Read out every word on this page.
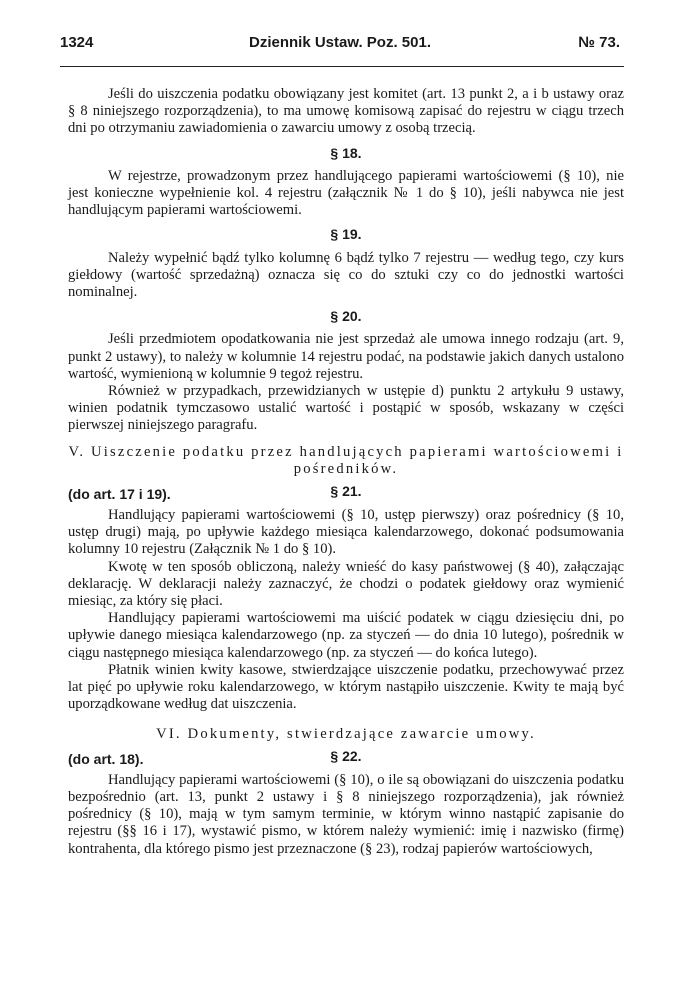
1324	Dziennik Ustaw. Poz. 501.	№ 73.

Jeśli do uiszczenia podatku obowiązany jest komitet (art. 13 punkt 2, a i b ustawy oraz § 8 niniejszego rozporządzenia), to ma umowę komisową zapisać do rejestru w ciągu trzech dni po otrzymaniu zawiadomienia o zawarciu umowy z osobą trzecią.

§ 18.

W rejestrze, prowadzonym przez handlującego papierami wartościowemi (§ 10), nie jest konieczne wypełnienie kol. 4 rejestru (załącznik № 1 do § 10), jeśli nabywca nie jest handlującym papierami wartościowemi.

§ 19.

Należy wypełnić bądź tylko kolumnę 6 bądź tylko 7 rejestru — według tego, czy kurs giełdowy (wartość sprzedażną) oznacza się co do sztuki czy co do jednostki wartości nominalnej.

§ 20.

Jeśli przedmiotem opodatkowania nie jest sprzedaż ale umowa innego rodzaju (art. 9, punkt 2 ustawy), to należy w kolumnie 14 rejestru podać, na podstawie jakich danych ustalono wartość, wymienioną w kolumnie 9 tegoż rejestru.

Również w przypadkach, przewidzianych w ustępie d) punktu 2 artykułu 9 ustawy, winien podatnik tymczasowo ustalić wartość i postąpić w sposób, wskazany w części pierwszej niniejszego paragrafu.

V. Uiszczenie podatku przez handlujących papierami wartościowemi i pośredników.
(do art. 17 i 19).	§ 21.

Handlujący papierami wartościowemi (§ 10, ustęp pierwszy) oraz pośrednicy (§ 10, ustęp drugi) mają, po upływie każdego miesiąca kalendarzowego, dokonać podsumowania kolumny 10 rejestru (Załącznik № 1 do § 10).

Kwotę w ten sposób obliczoną, należy wnieść do kasy państwowej (§ 40), załączając deklarację. W deklaracji należy zaznaczyć, że chodzi o podatek giełdowy oraz wymienić miesiąc, za który się płaci.

Handlujący papierami wartościowemi ma uiścić podatek w ciągu dziesięciu dni, po upływie danego miesiąca kalendarzowego (np. za styczeń — do dnia 10 lutego), pośrednik w ciągu następnego miesiąca kalendarzowego (np. za styczeń — do końca lutego).

Płatnik winien kwity kasowe, stwierdzające uiszczenie podatku, przechowywać przez lat pięć po upływie roku kalendarzowego, w którym nastąpiło uiszczenie. Kwity te mają być uporządkowane według dat uiszczenia.

VI. Dokumenty, stwierdzające zawarcie umowy.
(do art. 18).	§ 22.

Handlujący papierami wartościowemi (§ 10), o ile są obowiązani do uiszczenia podatku bezpośrednio (art. 13, punkt 2 ustawy i § 8 niniejszego rozporządzenia), jak również pośrednicy (§ 10), mają w tym samym terminie, w którym winno nastąpić zapisanie do rejestru (§§ 16 i 17), wystawić pismo, w którem należy wymienić: imię i nazwisko (firmę) kontrahenta, dla którego pismo jest przeznaczone (§ 23), rodzaj papierów wartościowych,
